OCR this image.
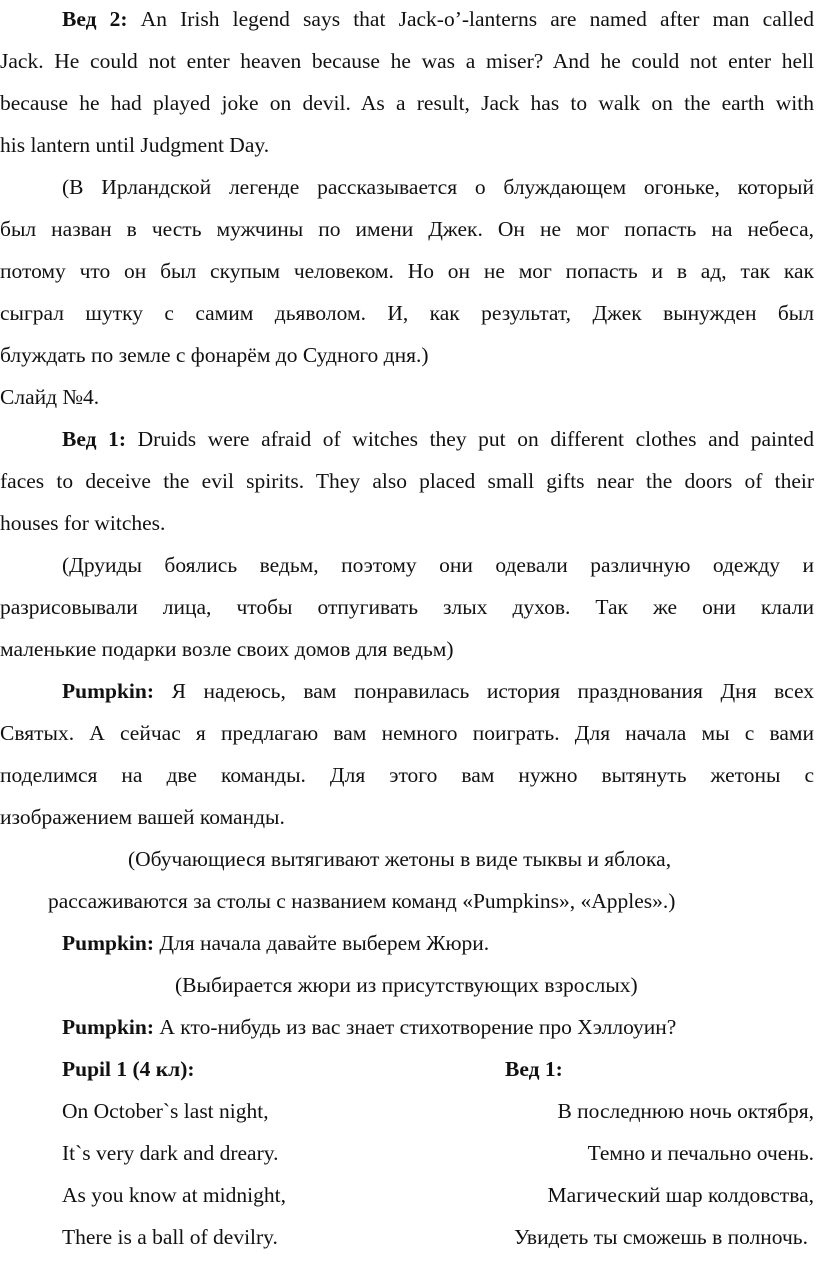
Вед 2: An Irish legend says that Jack-o’-lanterns are named after man called
Jack. He could not enter heaven because he was a miser? And he could not enter hell
because he had played joke on devil. As a result, Jack has to walk on the earth with
his lantern until Judgment Day.
(В Ирландской легенде рассказывается о блуждающем огоньке, который
был назван в честь мужчины по имени Джек. Он не мог попасть на небеса,
потому что он был скупым человеком. Но он не мог попасть и в ад, так как
сыграл шутку с самим дьяволом. И, как результат, Джек вынужден был
блуждать по земле с фонарём до Судного дня.)
Слайд №4.
Вед 1: Druids were afraid of witches they put on different clothes and painted
faces to deceive the evil spirits. They also placed small gifts near the doors of their
houses for witches.
(Друиды боялись ведьм, поэтому они одевали различную одежду и
разрисовывали лица, чтобы отпугивать злых духов. Так же они клали
маленькие подарки возле своих домов для ведьм)
Pumpkin: Я надеюсь, вам понравилась история празднования Дня всех
Святых. А сейчас я предлагаю вам немного поиграть. Для начала мы с вами
поделимся на две команды. Для этого вам нужно вытянуть жетоны с
изображением вашей команды.
(Обучающиеся вытягивают жетоны в виде тыквы и яблока,
рассаживаются за столы с названием команд «Pumpkins», «Apples».)
Pumpkin: Для начала давайте выберем Жюри.
(Выбирается жюри из присутствующих взрослых)
Pumpkin: А кто-нибудь из вас знает стихотворение про Хэллоуин?
Pupil 1 (4 кл):	Вед 1:
On October`s last night,
It`s very dark and dreary.
As you know at midnight,
There is a ball of devilry.
В последнюю ночь октября,
Темно и печально очень.
Магический шар колдовства,
Увидеть ты сможешь в полночь.
